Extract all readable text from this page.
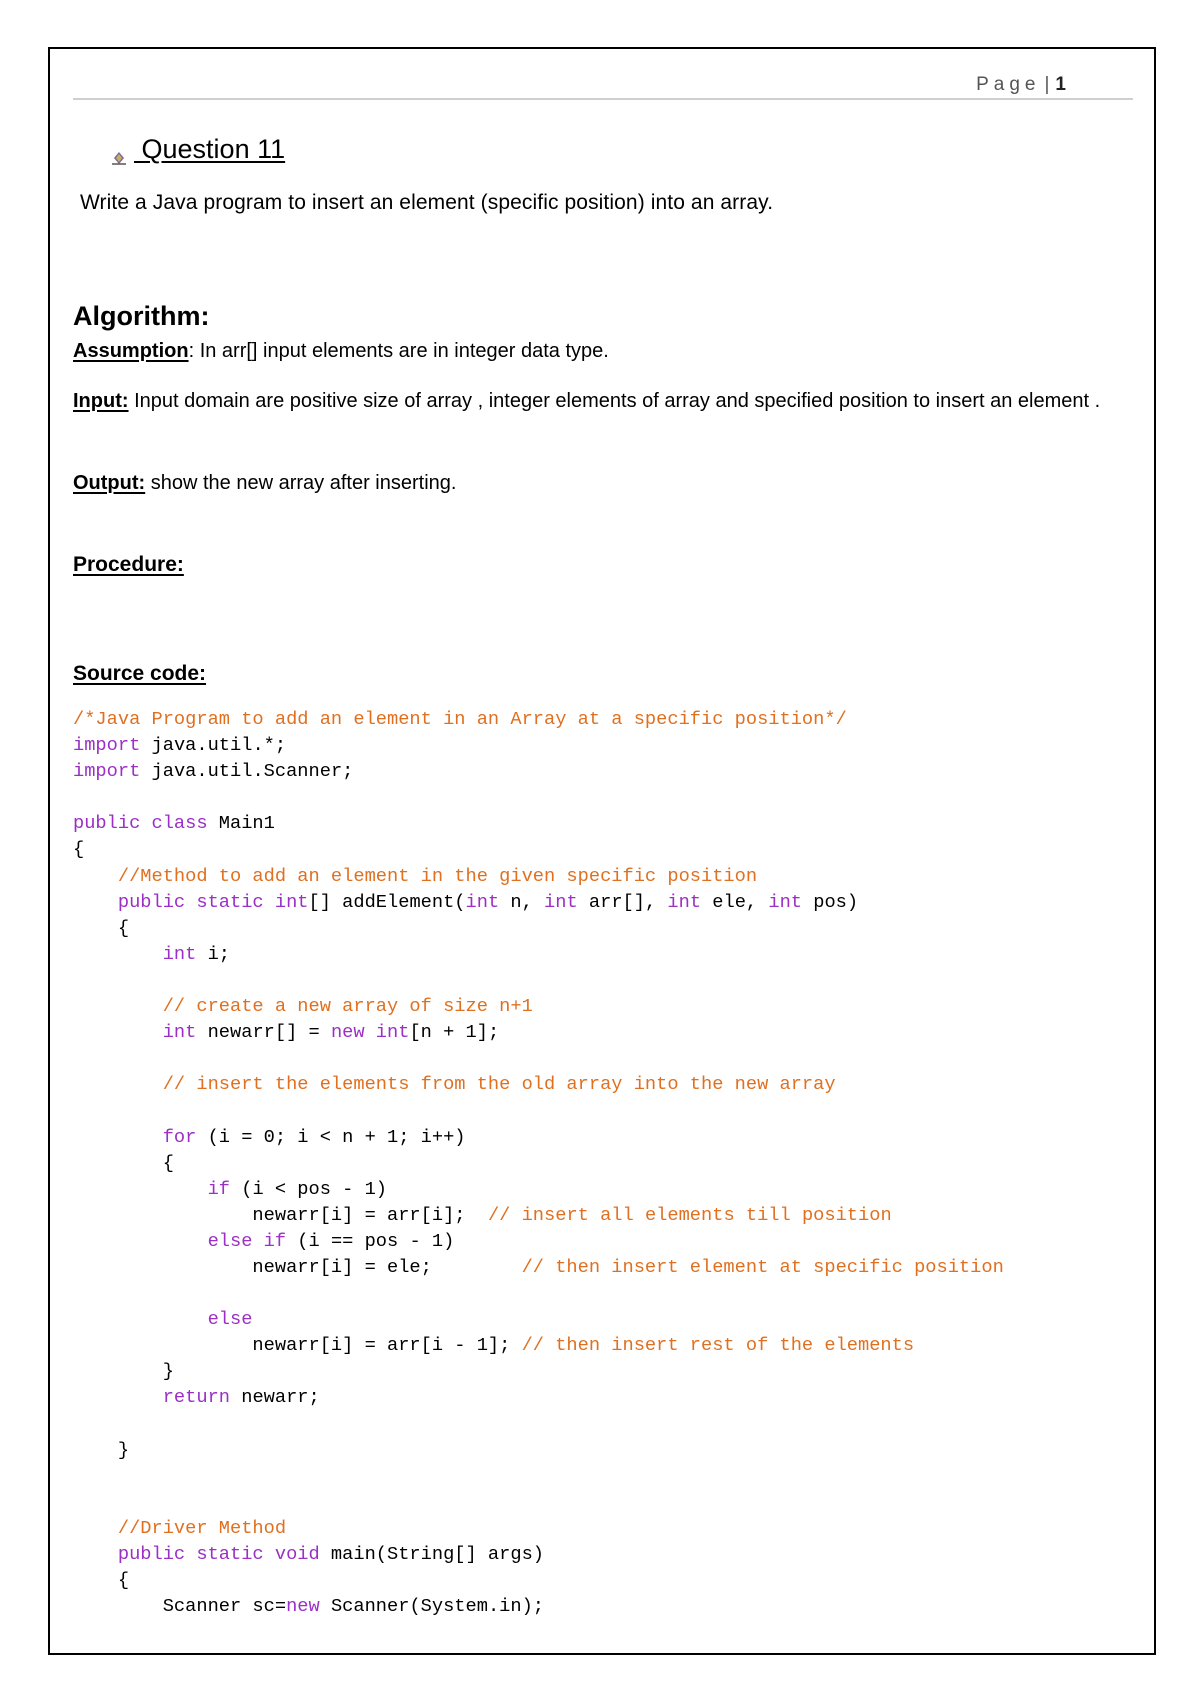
Page | 1
Question 11
Write a Java program to insert an element (specific position) into an array.
Algorithm:
Assumption: In arr[] input elements are in integer data type.
Input: Input domain are positive size of array , integer elements of array and specified position to insert an element .
Output: show the new array after inserting.
Procedure:
Source code:
/*Java Program to add an element in an Array at a specific position*/
import java.util.*;
import java.util.Scanner;
public class Main1
{
//Method to add an element in the given specific position
public static int[] addElement(int n, int arr[], int ele, int pos)
{
int i;
// create a new array of size n+1
int newarr[] = new int[n + 1];
// insert the elements from the old array into the new array
for (i = 0; i < n + 1; i++)
{
if (i < pos - 1)
newarr[i] = arr[i];  // insert all elements till position
else if (i == pos - 1)
newarr[i] = ele;        // then insert element at specific position
else
newarr[i] = arr[i - 1]; // then insert rest of the elements
}
return newarr;
}
//Driver Method
public static void main(String[] args)
{
Scanner sc=new Scanner(System.in);
